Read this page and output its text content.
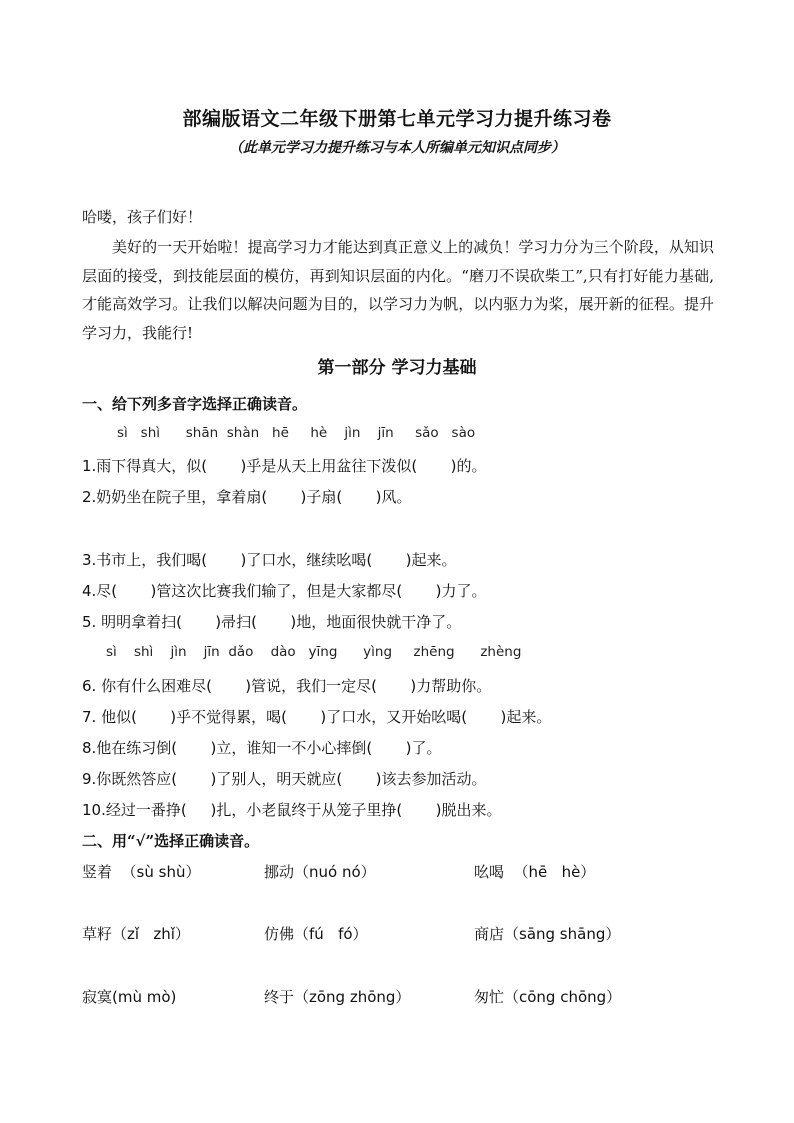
部编版语文二年级下册第七单元学习力提升练习卷
（此单元学习力提升练习与本人所编单元知识点同步）
哈喽，孩子们好！
美好的一天开始啦！提高学习力才能达到真正意义上的减负！学习力分为三个阶段，从知识层面的接受，到技能层面的模仿，再到知识层面的内化。“磨刀不误砍柴工”,只有打好能力基础,才能高效学习。让我们以解决问题为目的，以学习力为帆，以内驱力为桨，展开新的征程。提升学习力，我能行!
第一部分 学习力基础
一、给下列多音字选择正确读音。
sì   shì      shān  shàn   hē     hè    jìn    jīn     sǎo   sào
1.雨下得真大，似(       )乎是从天上用盆往下泼似(       )的。
2.奶奶坐在院子里，拿着扇(       )子扇(       )风。
3.书市上，我们喝(       )了口水，继续吆喝(       )起来。
4.尽(       )管这次比赛我们输了，但是大家都尽(       )力了。
5. 明明拿着扫(       )帚扫(       )地，地面很快就干净了。
sì    shì    jìn    jīn  dǎo    dào   yīng      yìng     zhēng      zhèng
6. 你有什么困难尽(       )管说，我们一定尽(       )力帮助你。
7. 他似(       )乎不觉得累，喝(       )了口水，又开始吆喝(       )起来。
8.他在练习倒(       )立，谁知一不小心摔倒(       )了。
9.你既然答应(       )了别人，明天就应(       )该去参加活动。
10.经过一番挣(     )扎，小老鼠终于从笼子里挣(       )脱出来。
二、用“√”选择正确读音。
竖着  （sù shù）	挪动（nuó nó）	吆喝  （hē   hè）
草籽（zǐ   zhǐ）	仿佛（fú   fó）	商店（sāng shāng）
寂寞(mù mò)	终于（zōng zhōng）	匆忙（cōng chōng）
